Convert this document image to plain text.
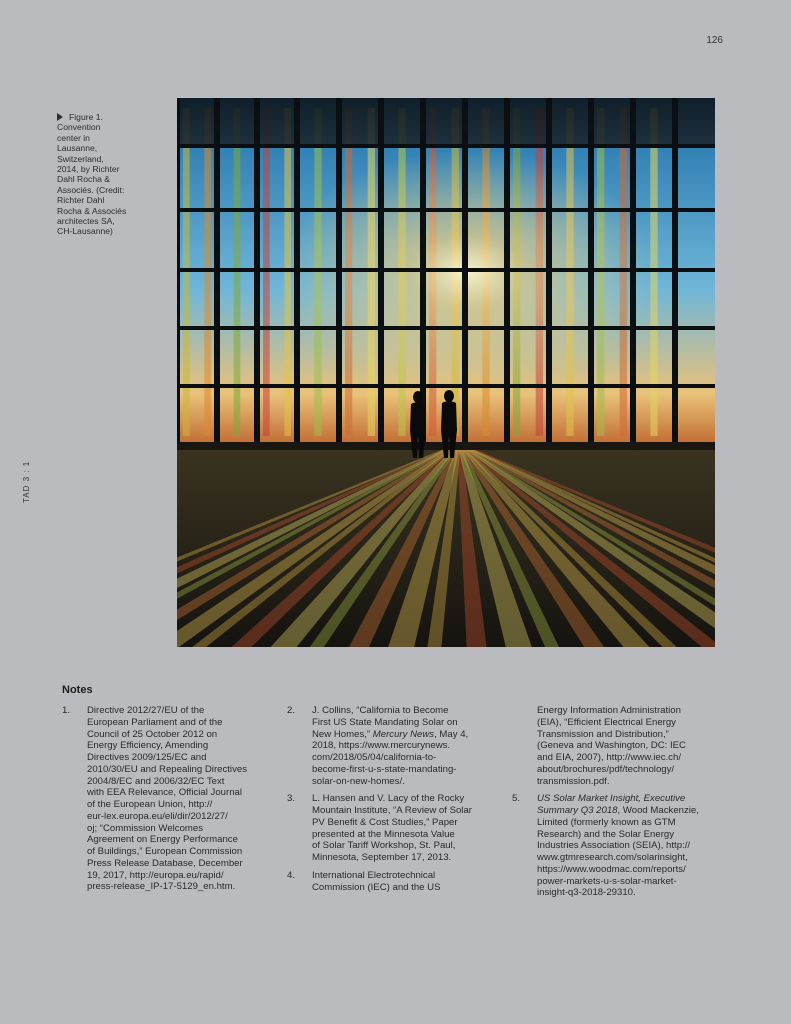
126
TAD 3 : 1
Figure 1.
Convention
center in
Lausanne,
Switzerland,
2014, by Richter
Dahl Rocha &
Associés. (Credit:
Richter Dahl
Rocha & Associés
architectes SA,
CH-Lausanne)
Notes
1.	Directive 2012/27/EU of the
European Parliament and of the
Council of 25 October 2012 on
Energy Efficiency, Amending
Directives 2009/125/EC and
2010/30/EU and Repealing Directives
2004/8/EC and 2006/32/EC Text
with EEA Relevance, Official Journal
of the European Union, http://
eur-lex.europa.eu/eli/dir/2012/27/
oj; “Commission Welcomes
Agreement on Energy Performance
of Buildings,” European Commission
Press Release Database, December
19, 2017, http://europa.eu/rapid/
press-release_IP-17-5129_en.htm.
2.	J. Collins, “California to Become
First US State Mandating Solar on
New Homes,” Mercury News, May 4,
2018, https://www.mercurynews.
com/2018/05/04/california-to-
become-first-u-s-state-mandating-
solar-on-new-homes/.
3.	L. Hansen and V. Lacy of the Rocky
Mountain Institute, “A Review of Solar
PV Benefit & Cost Studies,” Paper
presented at the Minnesota Value
of Solar Tariff Workshop, St. Paul,
Minnesota, September 17, 2013.
4.	International Electrotechnical
Commission (IEC) and the US
Energy Information Administration
(EIA), “Efficient Electrical Energy
Transmission and Distribution,”
(Geneva and Washington, DC: IEC
and EIA, 2007), http://www.iec.ch/
about/brochures/pdf/technology/
transmission.pdf.
5.	US Solar Market Insight, Executive
Summary Q3 2018, Wood Mackenzie,
Limited (formerly known as GTM
Research) and the Solar Energy
Industries Association (SEIA), http://
www.gtmresearch.com/solarinsight,
https://www.woodmac.com/reports/
power-markets-u-s-solar-market-
insight-q3-2018-29310.
